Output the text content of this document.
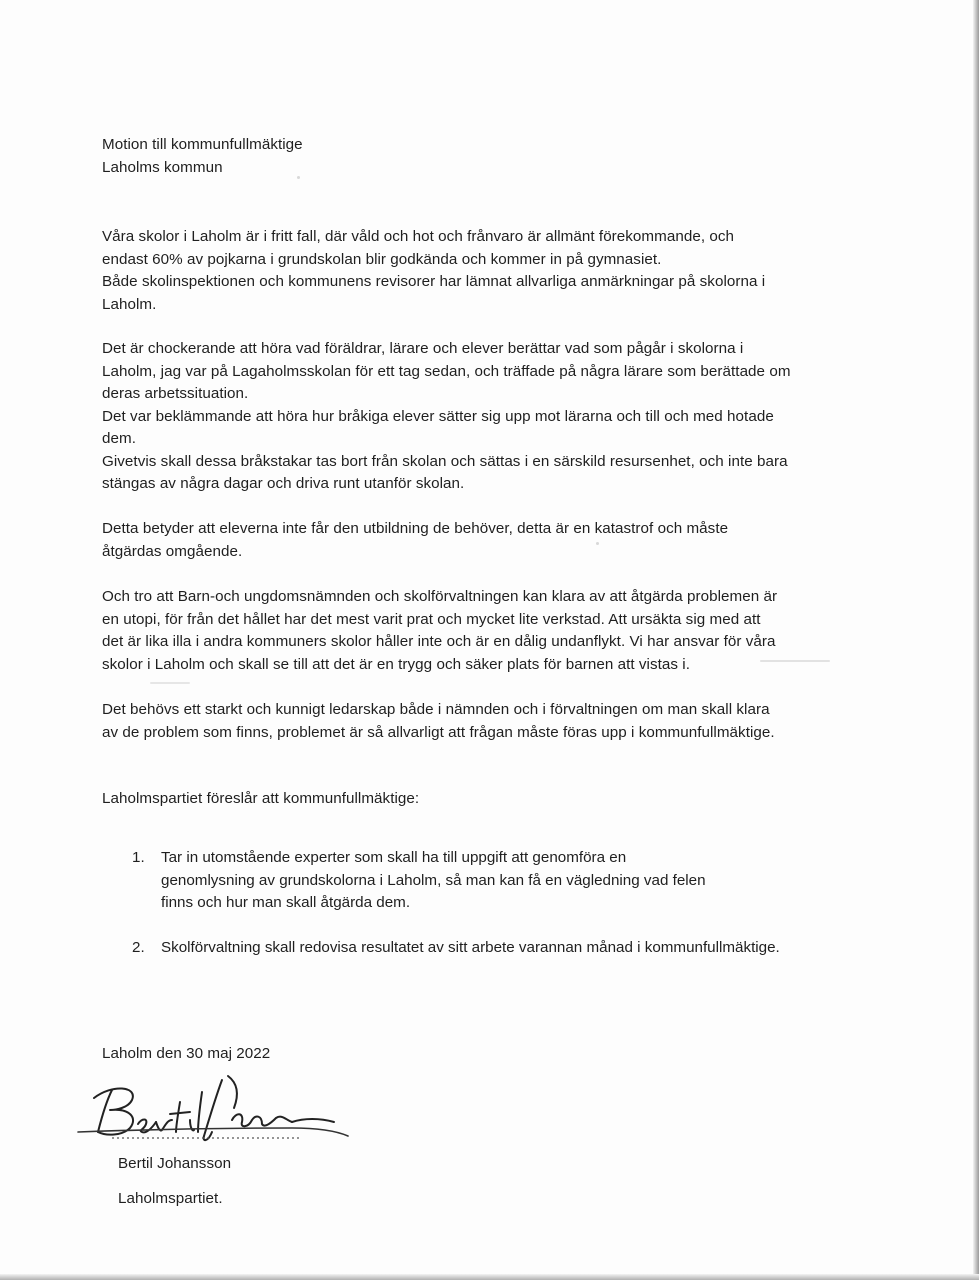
Motion till kommunfullmäktige
Laholms kommun
Våra skolor i Laholm är i fritt fall, där våld och hot och frånvaro är allmänt förekommande, och
endast 60% av pojkarna i grundskolan blir godkända och kommer in på gymnasiet.
Både skolinspektionen och kommunens revisorer har lämnat allvarliga anmärkningar på skolorna i
Laholm.
Det är chockerande att höra vad föräldrar, lärare och elever berättar vad som pågår i skolorna i
Laholm, jag var på Lagaholmsskolan för ett tag sedan, och träffade på några lärare som berättade om
deras arbetssituation.
Det var beklämmande att höra hur bråkiga elever sätter sig upp mot lärarna och till och med hotade
dem.
Givetvis skall dessa bråkstakar tas bort från skolan och sättas i en särskild resursenhet, och inte bara
stängas av några dagar och driva runt utanför skolan.
Detta betyder att eleverna inte får den utbildning de behöver, detta är en katastrof och måste
åtgärdas omgående.
Och tro att Barn-och ungdomsnämnden och skolförvaltningen kan klara av att åtgärda problemen är
en utopi, för från det hållet har det mest varit prat och mycket lite verkstad. Att ursäkta sig med att
det är lika illa i andra kommuners skolor håller inte och är en dålig undanflykt. Vi har ansvar för våra
skolor i Laholm och skall se till att det är en trygg och säker plats för barnen att vistas i.
Det behövs ett starkt och kunnigt ledarskap både i nämnden och i förvaltningen om man skall klara
av de problem som finns, problemet är så allvarligt att frågan måste föras upp i kommunfullmäktige.
Laholmspartiet föreslår att kommunfullmäktige:
1.	Tar in utomstående experter som skall ha till uppgift att genomföra en
genomlysning av grundskolorna i Laholm, så man kan få en vägledning vad felen
finns och hur man skall åtgärda dem.
2.	Skolförvaltning skall redovisa resultatet av sitt arbete varannan månad i kommunfullmäktige.
Laholm den 30 maj 2022
Bertil Johansson
Laholmspartiet.
